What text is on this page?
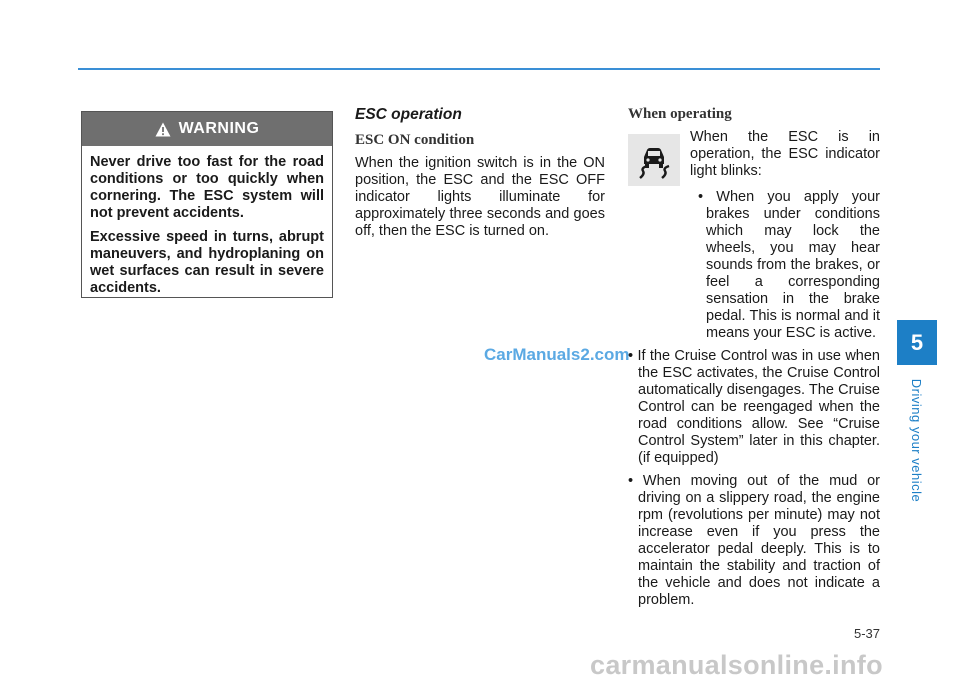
WARNING

Never drive too fast for the road conditions or too quickly when cornering. The ESC system will not prevent accidents.

Excessive speed in turns, abrupt maneuvers, and hydroplaning on wet surfaces can result in severe accidents.

ESC operation
ESC ON condition

When the ignition switch is in the ON position, the ESC and the ESC OFF indicator lights illuminate for approximately three seconds and goes off, then the ESC is turned on.

When operating
When the ESC is in operation, the ESC indicator light blinks:

• When you apply your brakes under conditions which may lock the wheels, you may hear sounds from the brakes, or feel a corresponding sensation in the brake pedal. This is normal and it means your ESC is active.

• If the Cruise Control was in use when the ESC activates, the Cruise Control automatically disengages. The Cruise Control can be reengaged when the road conditions allow. See “Cruise Control System” later in this chapter. (if equipped)

• When moving out of the mud or driving on a slippery road, the engine rpm (revolutions per minute) may not increase even if you press the accelerator pedal deeply. This is to maintain the stability and traction of the vehicle and does not indicate a problem.

5
Driving your vehicle
5-37
CarManuals2.com
carmanualsonline.info
